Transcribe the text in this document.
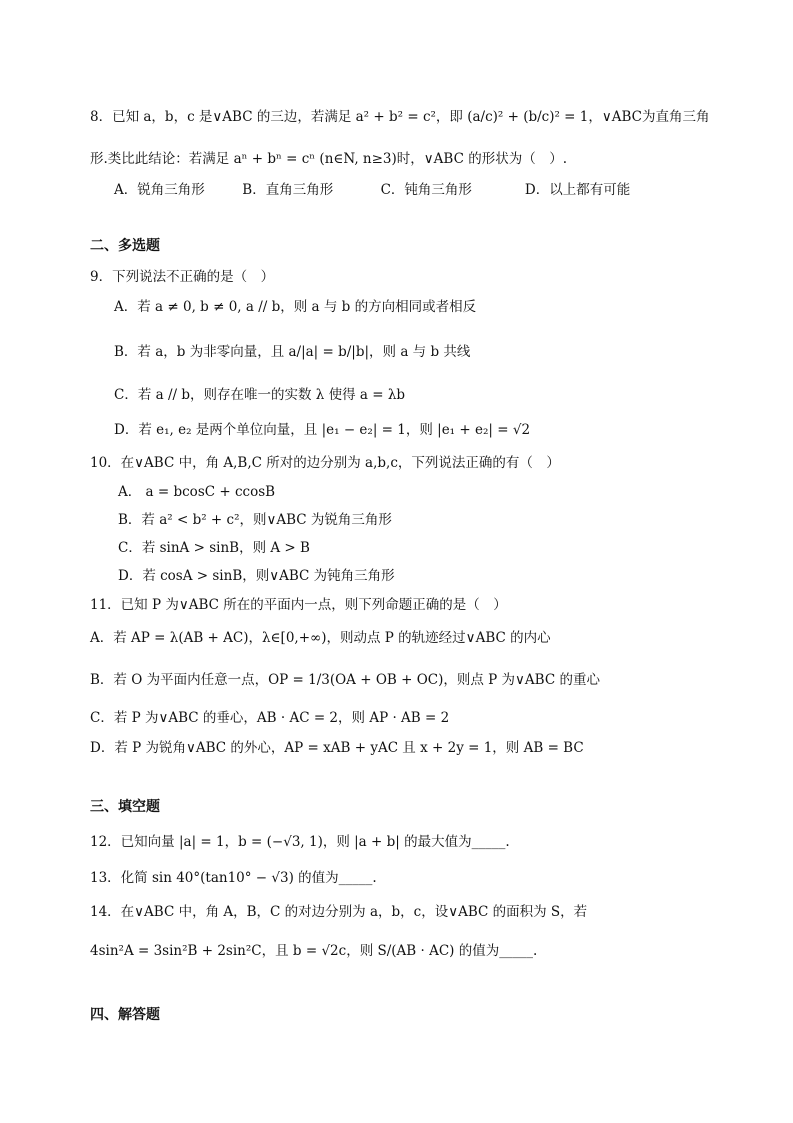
8．已知 a，b，c 是∨ABC 的三边，若满足 a² + b² = c²，即 (a/c)² + (b/c)² = 1，∨ABC为直角三角
形.类比此结论：若满足 aⁿ + bⁿ = cⁿ (n∈N, n≥3)时，∨ABC 的形状为（　）.
A．锐角三角形	B．直角三角形	C．钝角三角形	D．以上都有可能
二、多选题
9．下列说法不正确的是（　）
A．若 a ≠ 0, b ≠ 0, a // b，则 a 与 b 的方向相同或者相反
B．若 a，b 为非零向量，且 a/|a| = b/|b|，则 a 与 b 共线
C．若 a // b，则存在唯一的实数 λ 使得 a = λb
D．若 e₁, e₂ 是两个单位向量，且 |e₁ − e₂| = 1，则 |e₁ + e₂| = √2
10．在∨ABC 中，角 A,B,C 所对的边分别为 a,b,c，下列说法正确的有（　）
A． a = bcosC + ccosB
B．若 a² < b² + c²，则∨ABC 为锐角三角形
C．若 sinA > sinB，则 A > B
D．若 cosA > sinB，则∨ABC 为钝角三角形
11．已知 P 为∨ABC 所在的平面内一点，则下列命题正确的是（　）
A．若 AP = λ(AB + AC)，λ∈[0,+∞)，则动点 P 的轨迹经过∨ABC 的内心
B．若 O 为平面内任意一点，OP = 1/3(OA + OB + OC)，则点 P 为∨ABC 的重心
C．若 P 为∨ABC 的垂心，AB · AC = 2，则 AP · AB = 2
D．若 P 为锐角∨ABC 的外心，AP = xAB + yAC 且 x + 2y = 1，则 AB = BC
三、填空题
12．已知向量 |a| = 1，b = (−√3, 1)，则 |a + b| 的最大值为_____.
13．化简 sin 40°(tan10° − √3) 的值为_____.
14．在∨ABC 中，角 A，B，C 的对边分别为 a，b，c，设∨ABC 的面积为 S，若
4sin²A = 3sin²B + 2sin²C，且 b = √2c，则 S/(AB · AC) 的值为_____.
四、解答题
